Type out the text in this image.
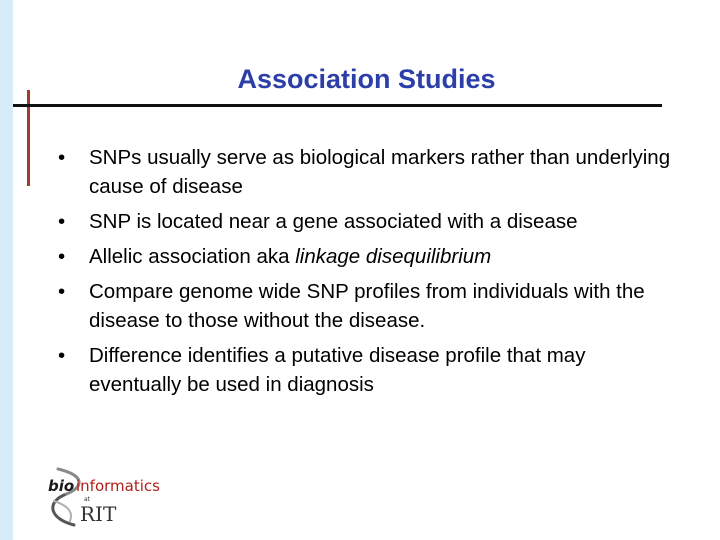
Association Studies
• SNPs usually serve as biological markers rather than underlying cause of disease
• SNP is located near a gene associated with a disease
• Allelic association aka linkage disequilibrium
• Compare genome wide SNP profiles from individuals with the disease to those without the disease.
• Difference identifies a putative disease profile that may eventually be used in diagnosis
bio informatics
at
RIT
